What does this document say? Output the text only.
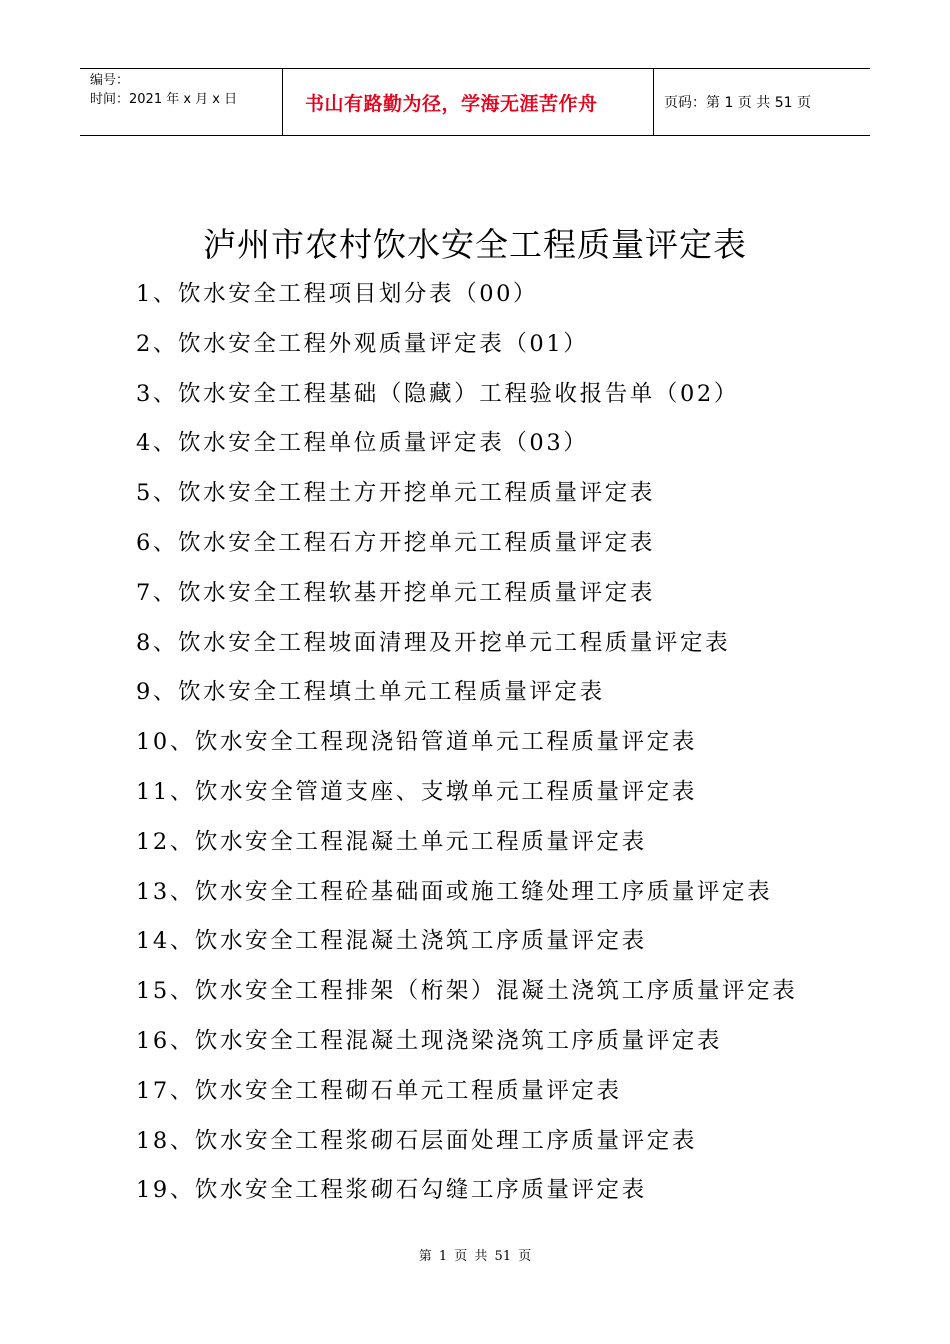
编号：
时间：2021 年 x 月 x 日	书山有路勤为径，学海无涯苦作舟	页码：第 1 页 共 51 页
泸州市农村饮水安全工程质量评定表
1、饮水安全工程项目划分表（00）
2、饮水安全工程外观质量评定表（01）
3、饮水安全工程基础（隐藏）工程验收报告单（02）
4、饮水安全工程单位质量评定表（03）
5、饮水安全工程土方开挖单元工程质量评定表
6、饮水安全工程石方开挖单元工程质量评定表
7、饮水安全工程软基开挖单元工程质量评定表
8、饮水安全工程坡面清理及开挖单元工程质量评定表
9、饮水安全工程填土单元工程质量评定表
10、饮水安全工程现浇铅管道单元工程质量评定表
11、饮水安全管道支座、支墩单元工程质量评定表
12、饮水安全工程混凝土单元工程质量评定表
13、饮水安全工程砼基础面或施工缝处理工序质量评定表
14、饮水安全工程混凝土浇筑工序质量评定表
15、饮水安全工程排架（桁架）混凝土浇筑工序质量评定表
16、饮水安全工程混凝土现浇梁浇筑工序质量评定表
17、饮水安全工程砌石单元工程质量评定表
18、饮水安全工程浆砌石层面处理工序质量评定表
19、饮水安全工程浆砌石勾缝工序质量评定表
第 1 页 共 51 页
